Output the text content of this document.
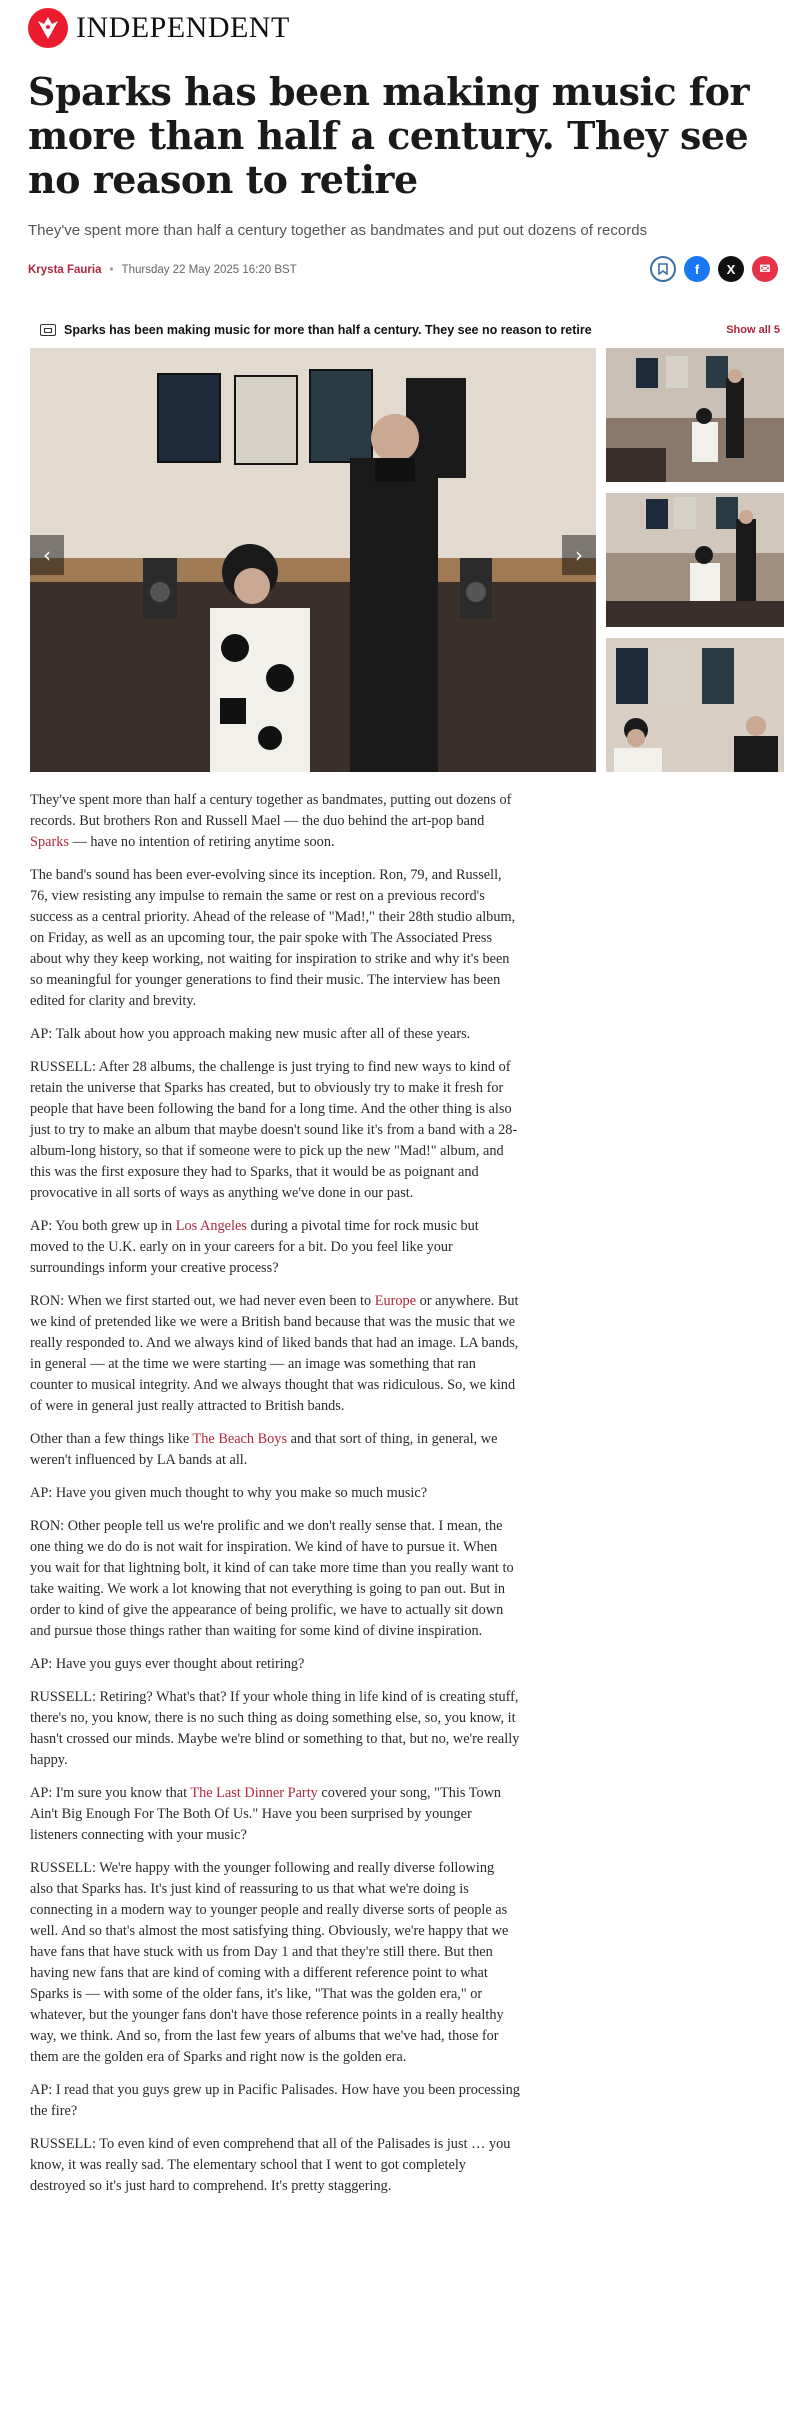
INDEPENDENT
Sparks has been making music for more than half a century. They see no reason to retire

They've spent more than half a century together as bandmates and put out dozens of records

Krysta Fauria • Thursday 22 May 2025 16:20 BST	f	X	✉
Sparks has been making music for more than half a century. They see no reason to retire	Show all 5
‹	›

They've spent more than half a century together as bandmates, putting out dozens of records. But brothers Ron and Russell Mael — the duo behind the art-pop band Sparks — have no intention of retiring anytime soon.

The band's sound has been ever-evolving since its inception. Ron, 79, and Russell, 76, view resisting any impulse to remain the same or rest on a previous record's success as a central priority. Ahead of the release of "Mad!," their 28th studio album, on Friday, as well as an upcoming tour, the pair spoke with The Associated Press about why they keep working, not waiting for inspiration to strike and why it's been so meaningful for younger generations to find their music. The interview has been edited for clarity and brevity.

AP: Talk about how you approach making new music after all of these years.

RUSSELL: After 28 albums, the challenge is just trying to find new ways to kind of retain the universe that Sparks has created, but to obviously try to make it fresh for people that have been following the band for a long time. And the other thing is also just to try to make an album that maybe doesn't sound like it's from a band with a 28-album-long history, so that if someone were to pick up the new "Mad!" album, and this was the first exposure they had to Sparks, that it would be as poignant and provocative in all sorts of ways as anything we've done in our past.

AP: You both grew up in Los Angeles during a pivotal time for rock music but moved to the U.K. early on in your careers for a bit. Do you feel like your surroundings inform your creative process?

RON: When we first started out, we had never even been to Europe or anywhere. But we kind of pretended like we were a British band because that was the music that we really responded to. And we always kind of liked bands that had an image. LA bands, in general — at the time we were starting — an image was something that ran counter to musical integrity. And we always thought that was ridiculous. So, we kind of were in general just really attracted to British bands.

Other than a few things like The Beach Boys and that sort of thing, in general, we weren't influenced by LA bands at all.

AP: Have you given much thought to why you make so much music?

RON: Other people tell us we're prolific and we don't really sense that. I mean, the one thing we do do is not wait for inspiration. We kind of have to pursue it. When you wait for that lightning bolt, it kind of can take more time than you really want to take waiting. We work a lot knowing that not everything is going to pan out. But in order to kind of give the appearance of being prolific, we have to actually sit down and pursue those things rather than waiting for some kind of divine inspiration.

AP: Have you guys ever thought about retiring?

RUSSELL: Retiring? What's that? If your whole thing in life kind of is creating stuff, there's no, you know, there is no such thing as doing something else, so, you know, it hasn't crossed our minds. Maybe we're blind or something to that, but no, we're really happy.

AP: I'm sure you know that The Last Dinner Party covered your song, "This Town Ain't Big Enough For The Both Of Us." Have you been surprised by younger listeners connecting with your music?

RUSSELL: We're happy with the younger following and really diverse following also that Sparks has. It's just kind of reassuring to us that what we're doing is connecting in a modern way to younger people and really diverse sorts of people as well. And so that's almost the most satisfying thing. Obviously, we're happy that we have fans that have stuck with us from Day 1 and that they're still there. But then having new fans that are kind of coming with a different reference point to what Sparks is — with some of the older fans, it's like, "That was the golden era," or whatever, but the younger fans don't have those reference points in a really healthy way, we think. And so, from the last few years of albums that we've had, those for them are the golden era of Sparks and right now is the golden era.

AP: I read that you guys grew up in Pacific Palisades. How have you been processing the fire?

RUSSELL: To even kind of even comprehend that all of the Palisades is just … you know, it was really sad. The elementary school that I went to got completely destroyed so it's just hard to comprehend. It's pretty staggering.
